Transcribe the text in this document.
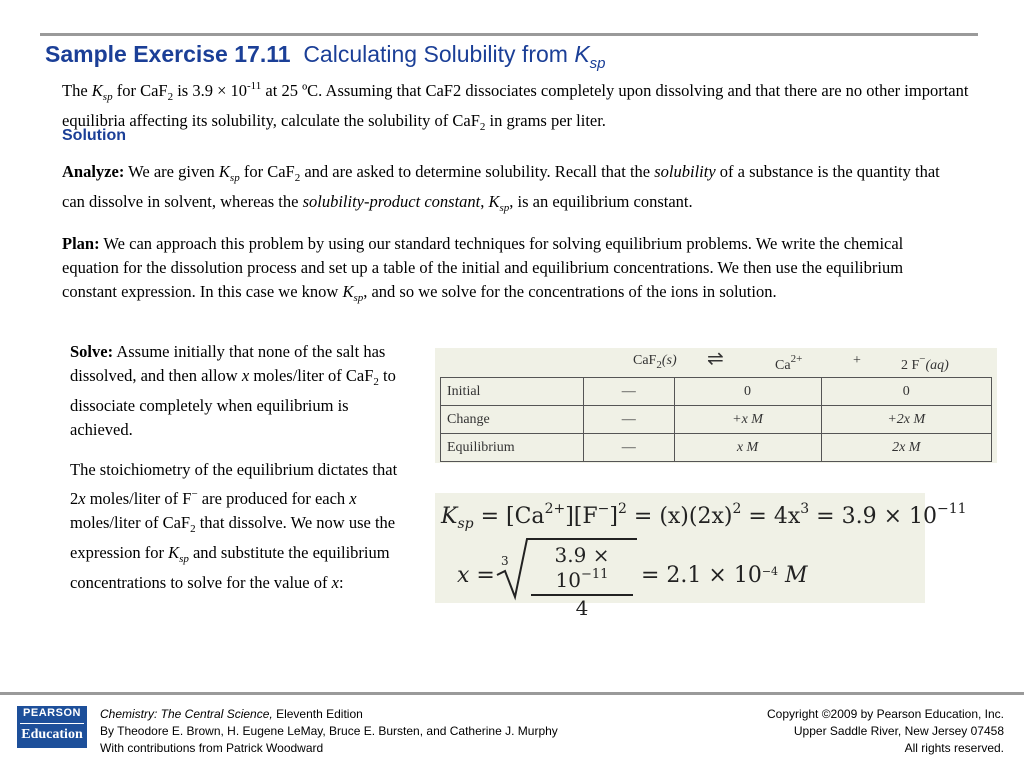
Sample Exercise 17.11 Calculating Solubility from $K_{sp}$
The $K_{sp}$ for CaF$_2$ is $3.9 \times 10^{-11}$ at 25 ºC. Assuming that CaF2 dissociates completely upon dissolving and that there are no other important equilibria affecting its solubility, calculate the solubility of CaF$_2$ in grams per liter.
Solution
Analyze: We are given $K_{sp}$ for CaF$_2$ and are asked to determine solubility. Recall that the solubility of a substance is the quantity that can dissolve in solvent, whereas the solubility-product constant, $K_{sp}$, is an equilibrium constant.
Plan: We can approach this problem by using our standard techniques for solving equilibrium problems. We write the chemical equation for the dissolution process and set up a table of the initial and equilibrium concentrations. We then use the equilibrium constant expression. In this case we know $K_{sp}$, and so we solve for the concentrations of the ions in solution.
Solve: Assume initially that none of the salt has dissolved, and then allow x moles/liter of CaF$_2$ to dissociate completely when equilibrium is achieved.
The stoichiometry of the equilibrium dictates that 2x moles/liter of F− are produced for each x moles/liter of CaF$_2$ that dissolve. We now use the expression for $K_{sp}$ and substitute the equilibrium concentrations to solve for the value of x:
CaF$_2$(s) ⇌	$Ca^{2+}$	+	2 F−(aq)
Initial	—	0	0
Change	—	+x M	+2x M
Equilibrium	—	x M	2x M
$K_{sp} = [Ca^{2+}][F^-]^2 = (x)(2x)^2 = 4x^3 = 3.9 \times 10^{-11}$
x =
$3 \frac{3.9 \times 10^{-11}}{4} = 2.1 \times 10^{-4}$ M
PEARSON
Education
Chemistry: The Central Science, Eleventh Edition
By Theodore E. Brown, H. Eugene LeMay, Bruce E. Bursten, and Catherine J. Murphy
With contributions from Patrick Woodward
Copyright ©2009 by Pearson Education, Inc.
Upper Saddle River, New Jersey 07458
All rights reserved.
